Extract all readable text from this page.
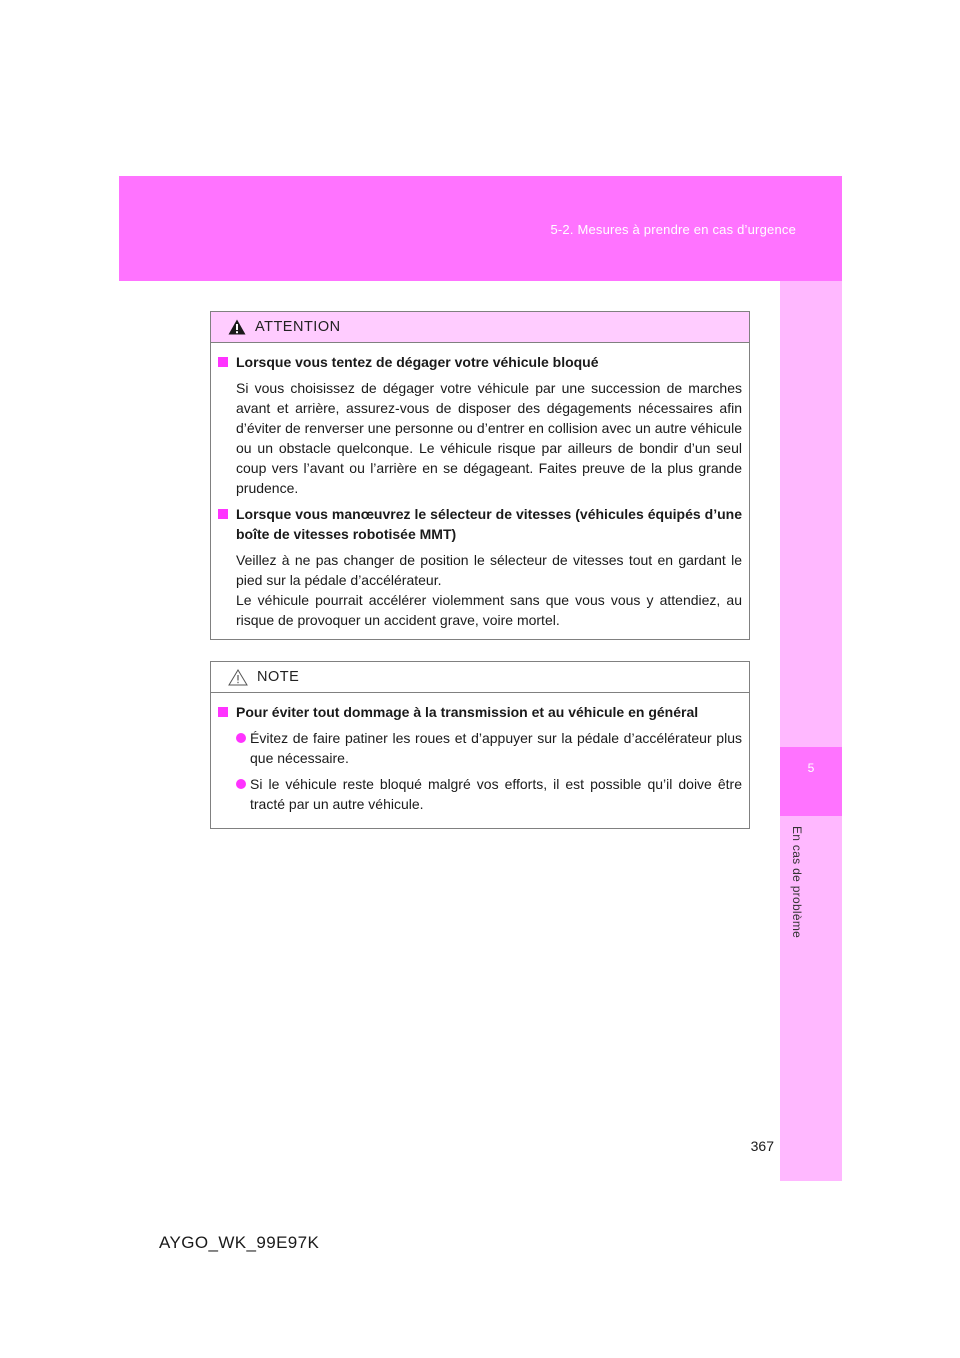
5-2. Mesures à prendre en cas d’urgence
5
En cas de problème
ATTENTION
Lorsque vous tentez de dégager votre véhicule bloqué
Si vous choisissez de dégager votre véhicule par une succession de marches avant et arrière, assurez-vous de disposer des dégagements nécessaires afin d’éviter de renverser une personne ou d’entrer en collision avec un autre véhicule ou un obstacle quelconque. Le véhicule risque par ailleurs de bondir d’un seul coup vers l’avant ou l’arrière en se dégageant. Faites preuve de la plus grande prudence.
Lorsque vous manœuvrez le sélecteur de vitesses (véhicules équipés d’une boîte de vitesses robotisée MMT)
Veillez à ne pas changer de position le sélecteur de vitesses tout en gardant le pied sur la pédale d’accélérateur.
Le véhicule pourrait accélérer violemment sans que vous vous y attendiez, au risque de provoquer un accident grave, voire mortel.
NOTE
Pour éviter tout dommage à la transmission et au véhicule en général
Évitez de faire patiner les roues et d’appuyer sur la pédale d’accélérateur plus que nécessaire.
Si le véhicule reste bloqué malgré vos efforts, il est possible qu’il doive être tracté par un autre véhicule.
367
AYGO_WK_99E97K
